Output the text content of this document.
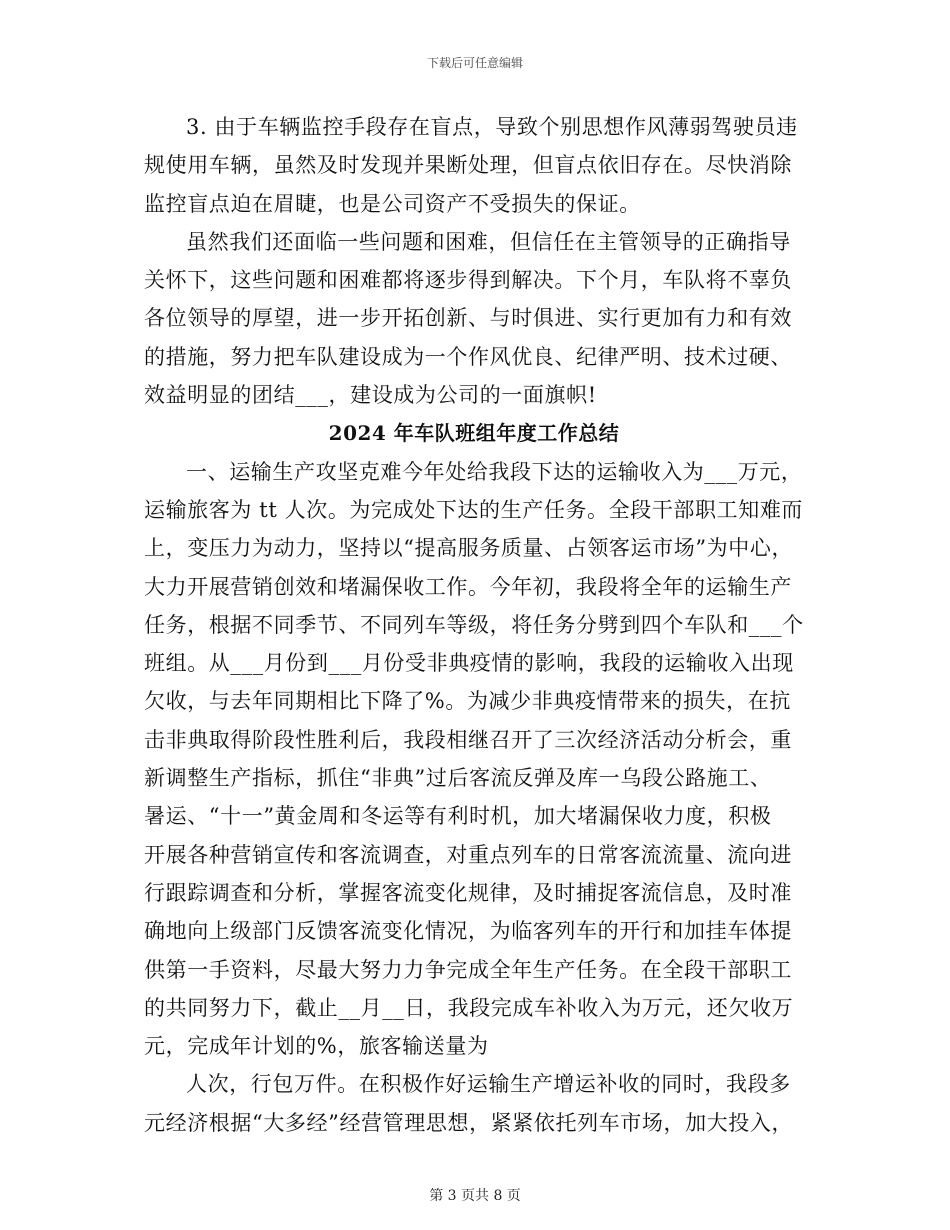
下载后可任意编辑
3. 由于车辆监控手段存在盲点，导致个别思想作风薄弱驾驶员违
规使用车辆，虽然及时发现并果断处理，但盲点依旧存在。尽快消除
监控盲点迫在眉睫，也是公司资产不受损失的保证。
虽然我们还面临一些问题和困难，但信任在主管领导的正确指导
关怀下，这些问题和困难都将逐步得到解决。下个月，车队将不辜负
各位领导的厚望，进一步开拓创新、与时俱进、实行更加有力和有效
的措施，努力把车队建设成为一个作风优良、纪律严明、技术过硬、
效益明显的团结___，建设成为公司的一面旗帜!
2024 年车队班组年度工作总结
一、运输生产攻坚克难今年处给我段下达的运输收入为___万元，
运输旅客为 tt 人次。为完成处下达的生产任务。全段干部职工知难而
上，变压力为动力，坚持以“提高服务质量、占领客运市场”为中心，
大力开展营销创效和堵漏保收工作。今年初，我段将全年的运输生产
任务，根据不同季节、不同列车等级，将任务分劈到四个车队和___个
班组。从___月份到___月份受非典疫情的影响，我段的运输收入出现
欠收，与去年同期相比下降了%。为减少非典疫情带来的损失，在抗
击非典取得阶段性胜利后，我段相继召开了三次经济活动分析会，重
新调整生产指标，抓住“非典”过后客流反弹及库一乌段公路施工、
暑运、“十一”黄金周和冬运等有利时机，加大堵漏保收力度，积极
开展各种营销宣传和客流调查，对重点列车的日常客流流量、流向进
行跟踪调查和分析，掌握客流变化规律，及时捕捉客流信息，及时准
确地向上级部门反馈客流变化情况，为临客列车的开行和加挂车体提
供第一手资料，尽最大努力力争完成全年生产任务。在全段干部职工
的共同努力下，截止__月__日，我段完成车补收入为万元，还欠收万
元，完成年计划的%，旅客输送量为
人次，行包万件。在积极作好运输生产增运补收的同时，我段多
元经济根据“大多经”经营管理思想，紧紧依托列车市场，加大投入，
第 3 页共 8 页
